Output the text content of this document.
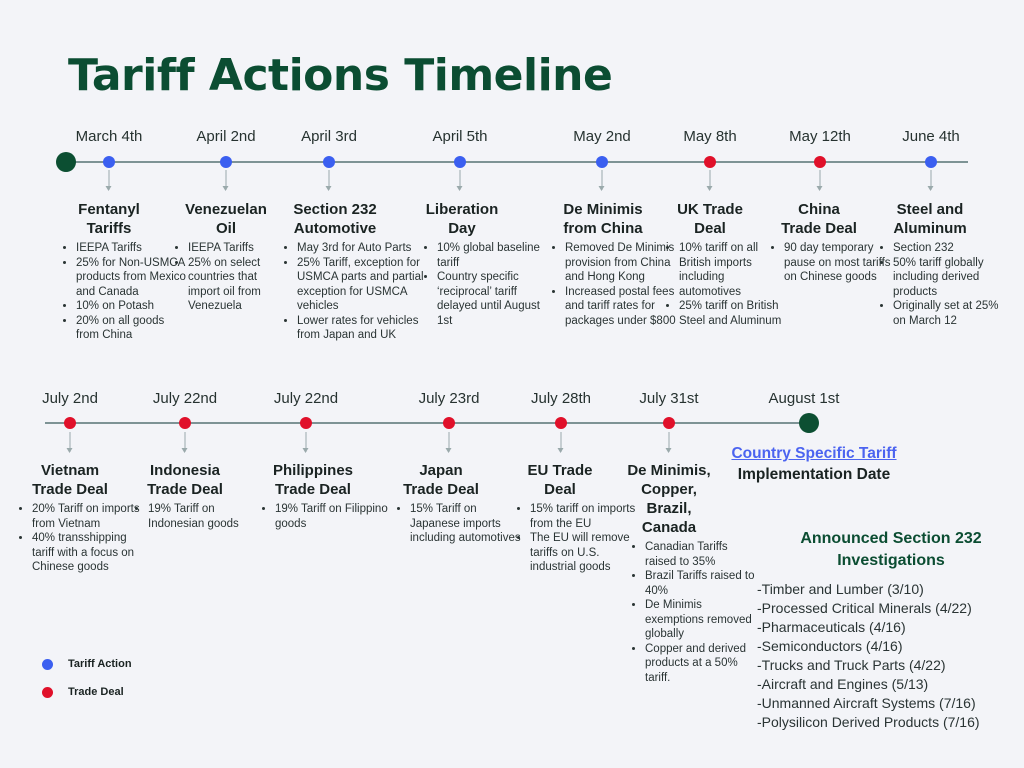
Tariff Actions Timeline
March 4th
Fentanyl
Tariffs
• IEEPA Tariffs
• 25% for Non-USMCA products from Mexico and Canada
• 10% on Potash
• 20% on all goods from China
April 2nd
Venezuelan
Oil
• IEEPA Tariffs
• 25% on select countries that import oil from Venezuela
April 3rd
Section 232
Automotive
• May 3rd for Auto Parts
• 25% Tariff, exception for USMCA parts and partial exception for USMCA vehicles
• Lower rates for vehicles from Japan and UK
April 5th
Liberation
Day
• 10% global baseline tariff
• Country specific ‘reciprocal’ tariff delayed until August 1st
May 2nd
De Minimis
from China
• Removed De Minimis provision from China and Hong Kong
• Increased postal fees and tariff rates for packages under $800
May 8th
UK Trade
Deal
• 10% tariff on all British imports including automotives
• 25% tariff on British Steel and Aluminum
May 12th
China
Trade Deal
• 90 day temporary pause on most tariffs on Chinese goods
June 4th
Steel and
Aluminum
• Section 232
• 50% tariff globally including derived products
• Originally set at 25% on March 12
July 2nd
Vietnam
Trade Deal
• 20% Tariff on imports from Vietnam
• 40% transshipping tariff with a focus on Chinese goods
July 22nd
Indonesia
Trade Deal
• 19% Tariff on Indonesian goods
July 22nd
Philippines
Trade Deal
• 19% Tariff on Filippino goods
July 23rd
Japan
Trade Deal
• 15% Tariff on Japanese imports including automotives
July 28th
EU Trade
Deal
• 15% tariff on imports from the EU
• The EU will remove tariffs on U.S. industrial goods
July 31st
De Minimis,
Copper,
Brazil,
Canada
• Canadian Tariffs raised to 35%
• Brazil Tariffs raised to 40%
• De Minimis exemptions removed globally
• Copper and derived products at a 50% tariff.
August 1st
Country Specific Tariff
Implementation Date
Tariff Action
Trade Deal
Announced Section 232
Investigations
-Timber and Lumber (3/10)
-Processed Critical Minerals (4/22)
-Pharmaceuticals (4/16)
-Semiconductors (4/16)
-Trucks and Truck Parts (4/22)
-Aircraft and Engines (5/13)
-Unmanned Aircraft Systems (7/16)
-Polysilicon Derived Products (7/16)
